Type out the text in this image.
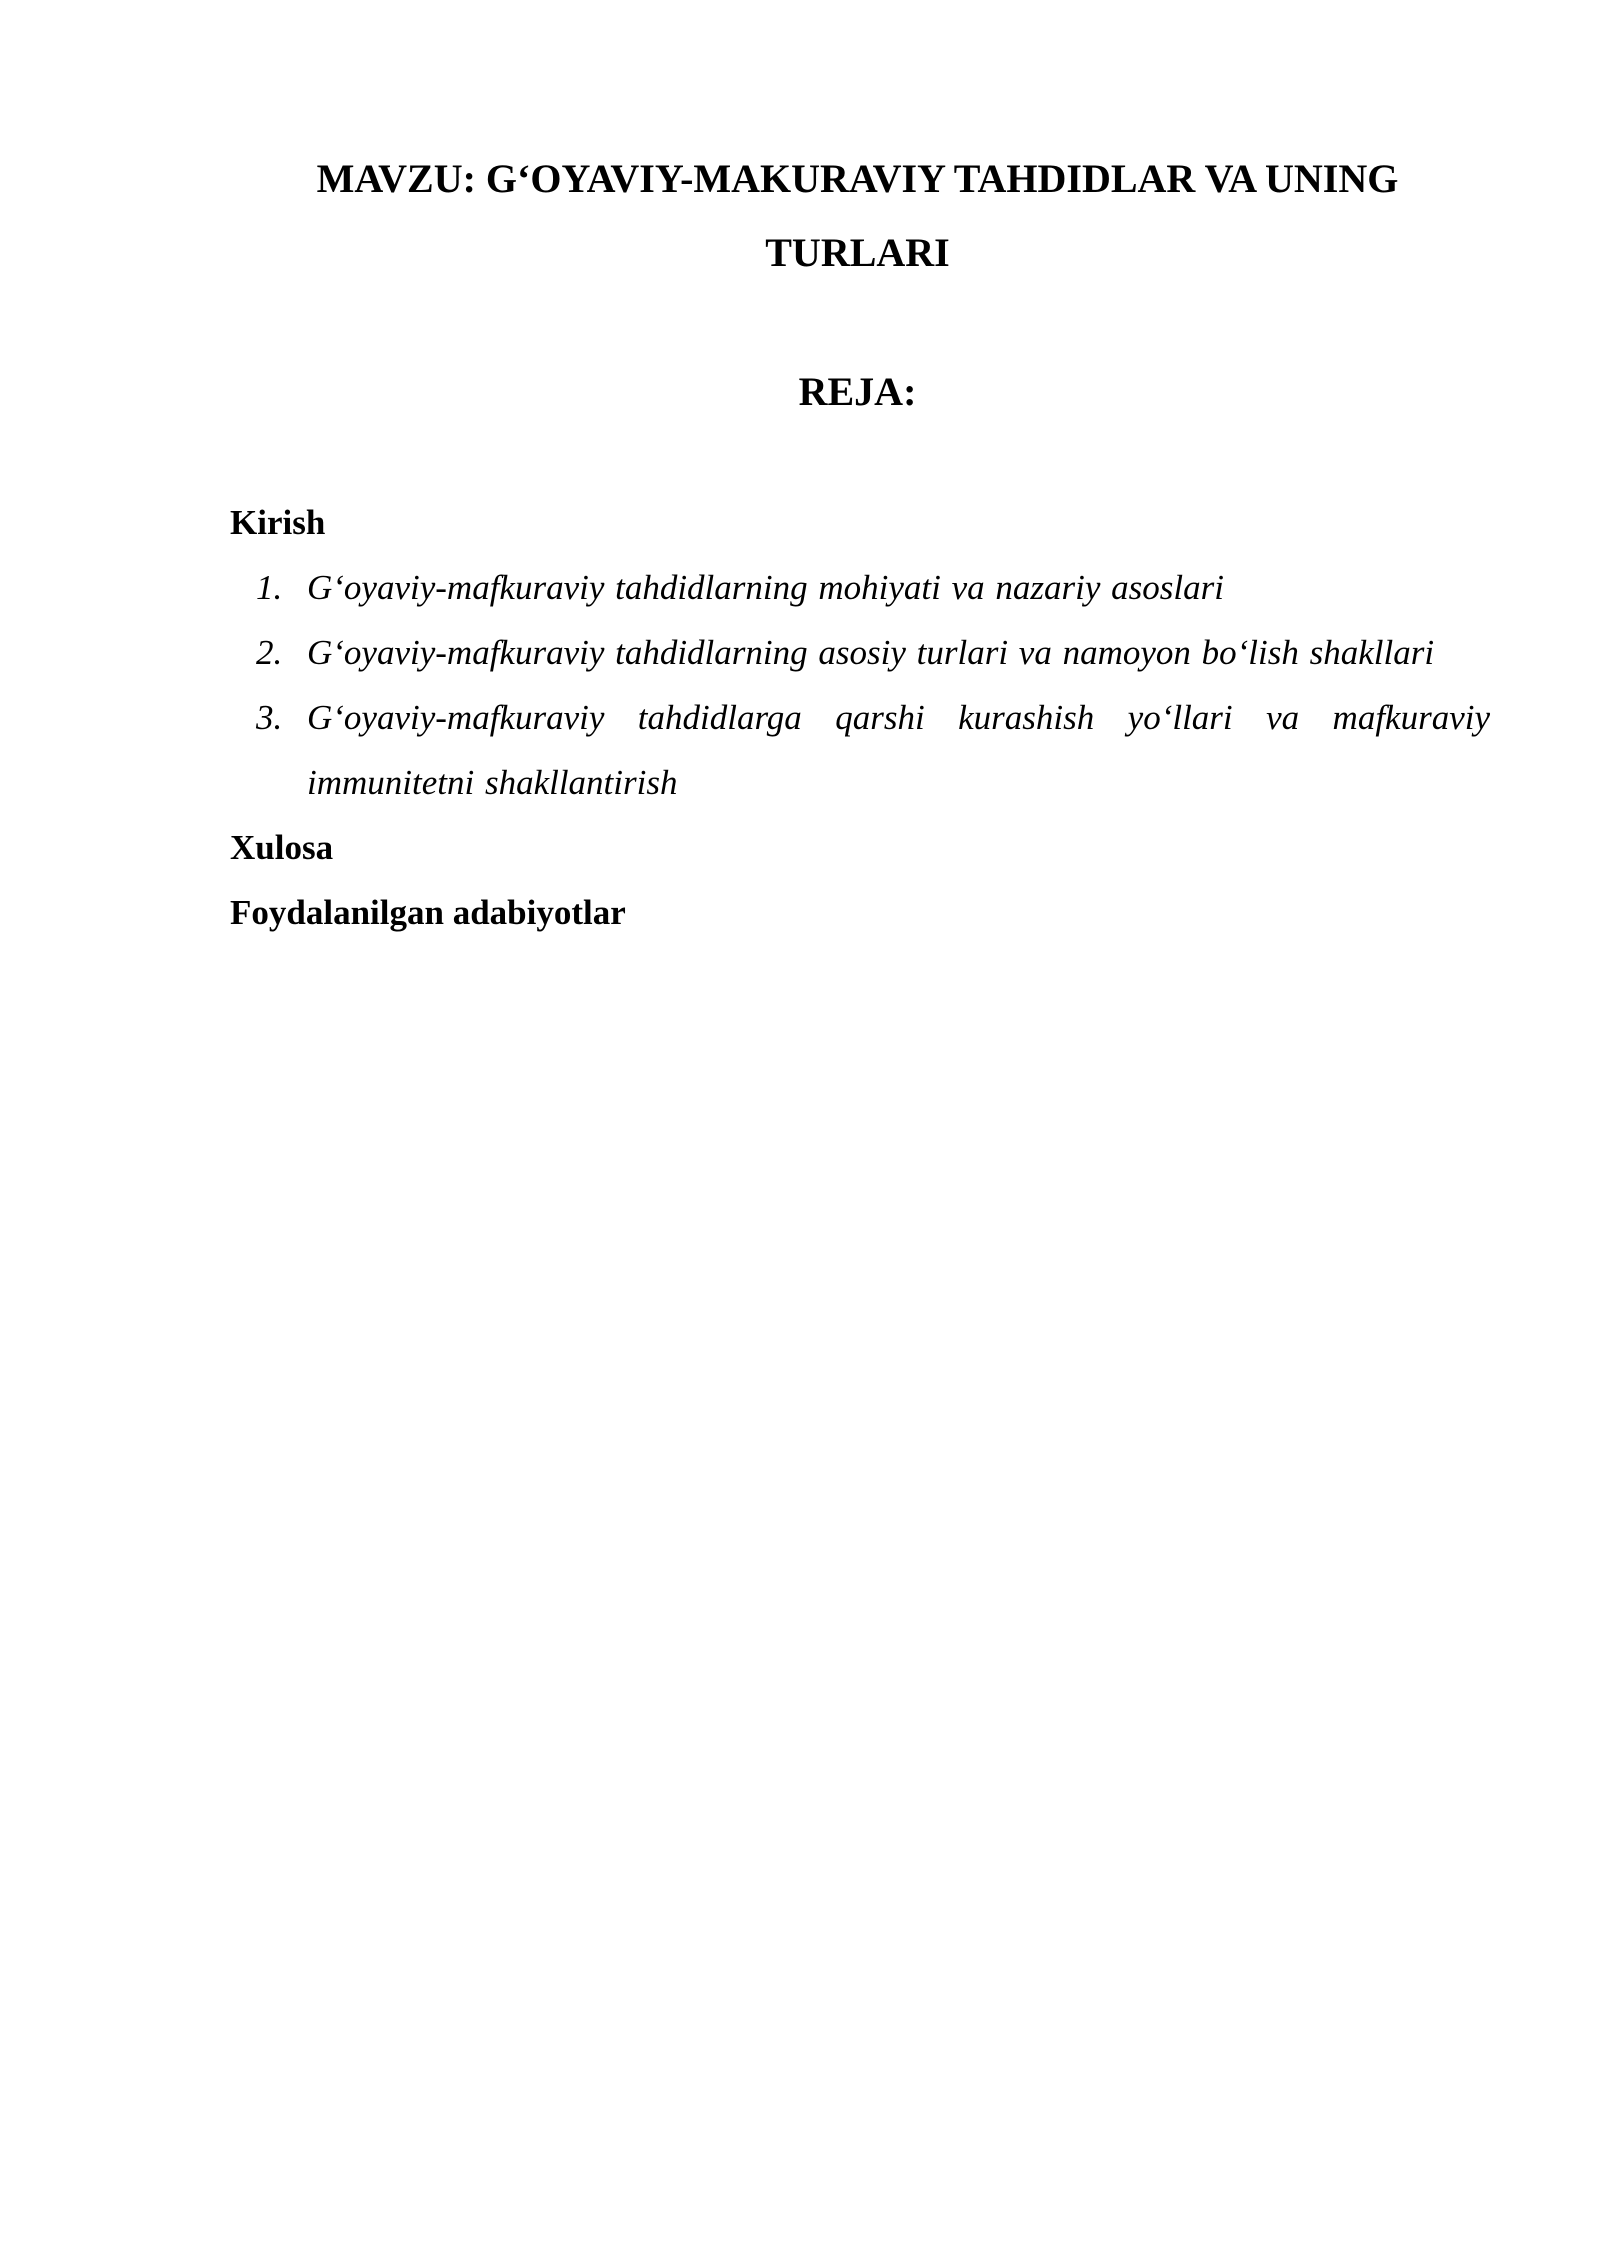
MAVZU: G‘OYAVIY-MAKURAVIY TAHDIDLAR VA UNING
TURLARI
REJA:

Kirish

1. G‘oyaviy-mafkuraviy tahdidlarning mohiyati va nazariy asoslari
2. G‘oyaviy-mafkuraviy tahdidlarning asosiy turlari va namoyon bo‘lish shakllari
3. G‘oyaviy-mafkuraviy tahdidlarga qarshi kurashish yo‘llari va mafkuraviy immunitetni shakllantirish

Xulosa

Foydalanilgan adabiyotlar
